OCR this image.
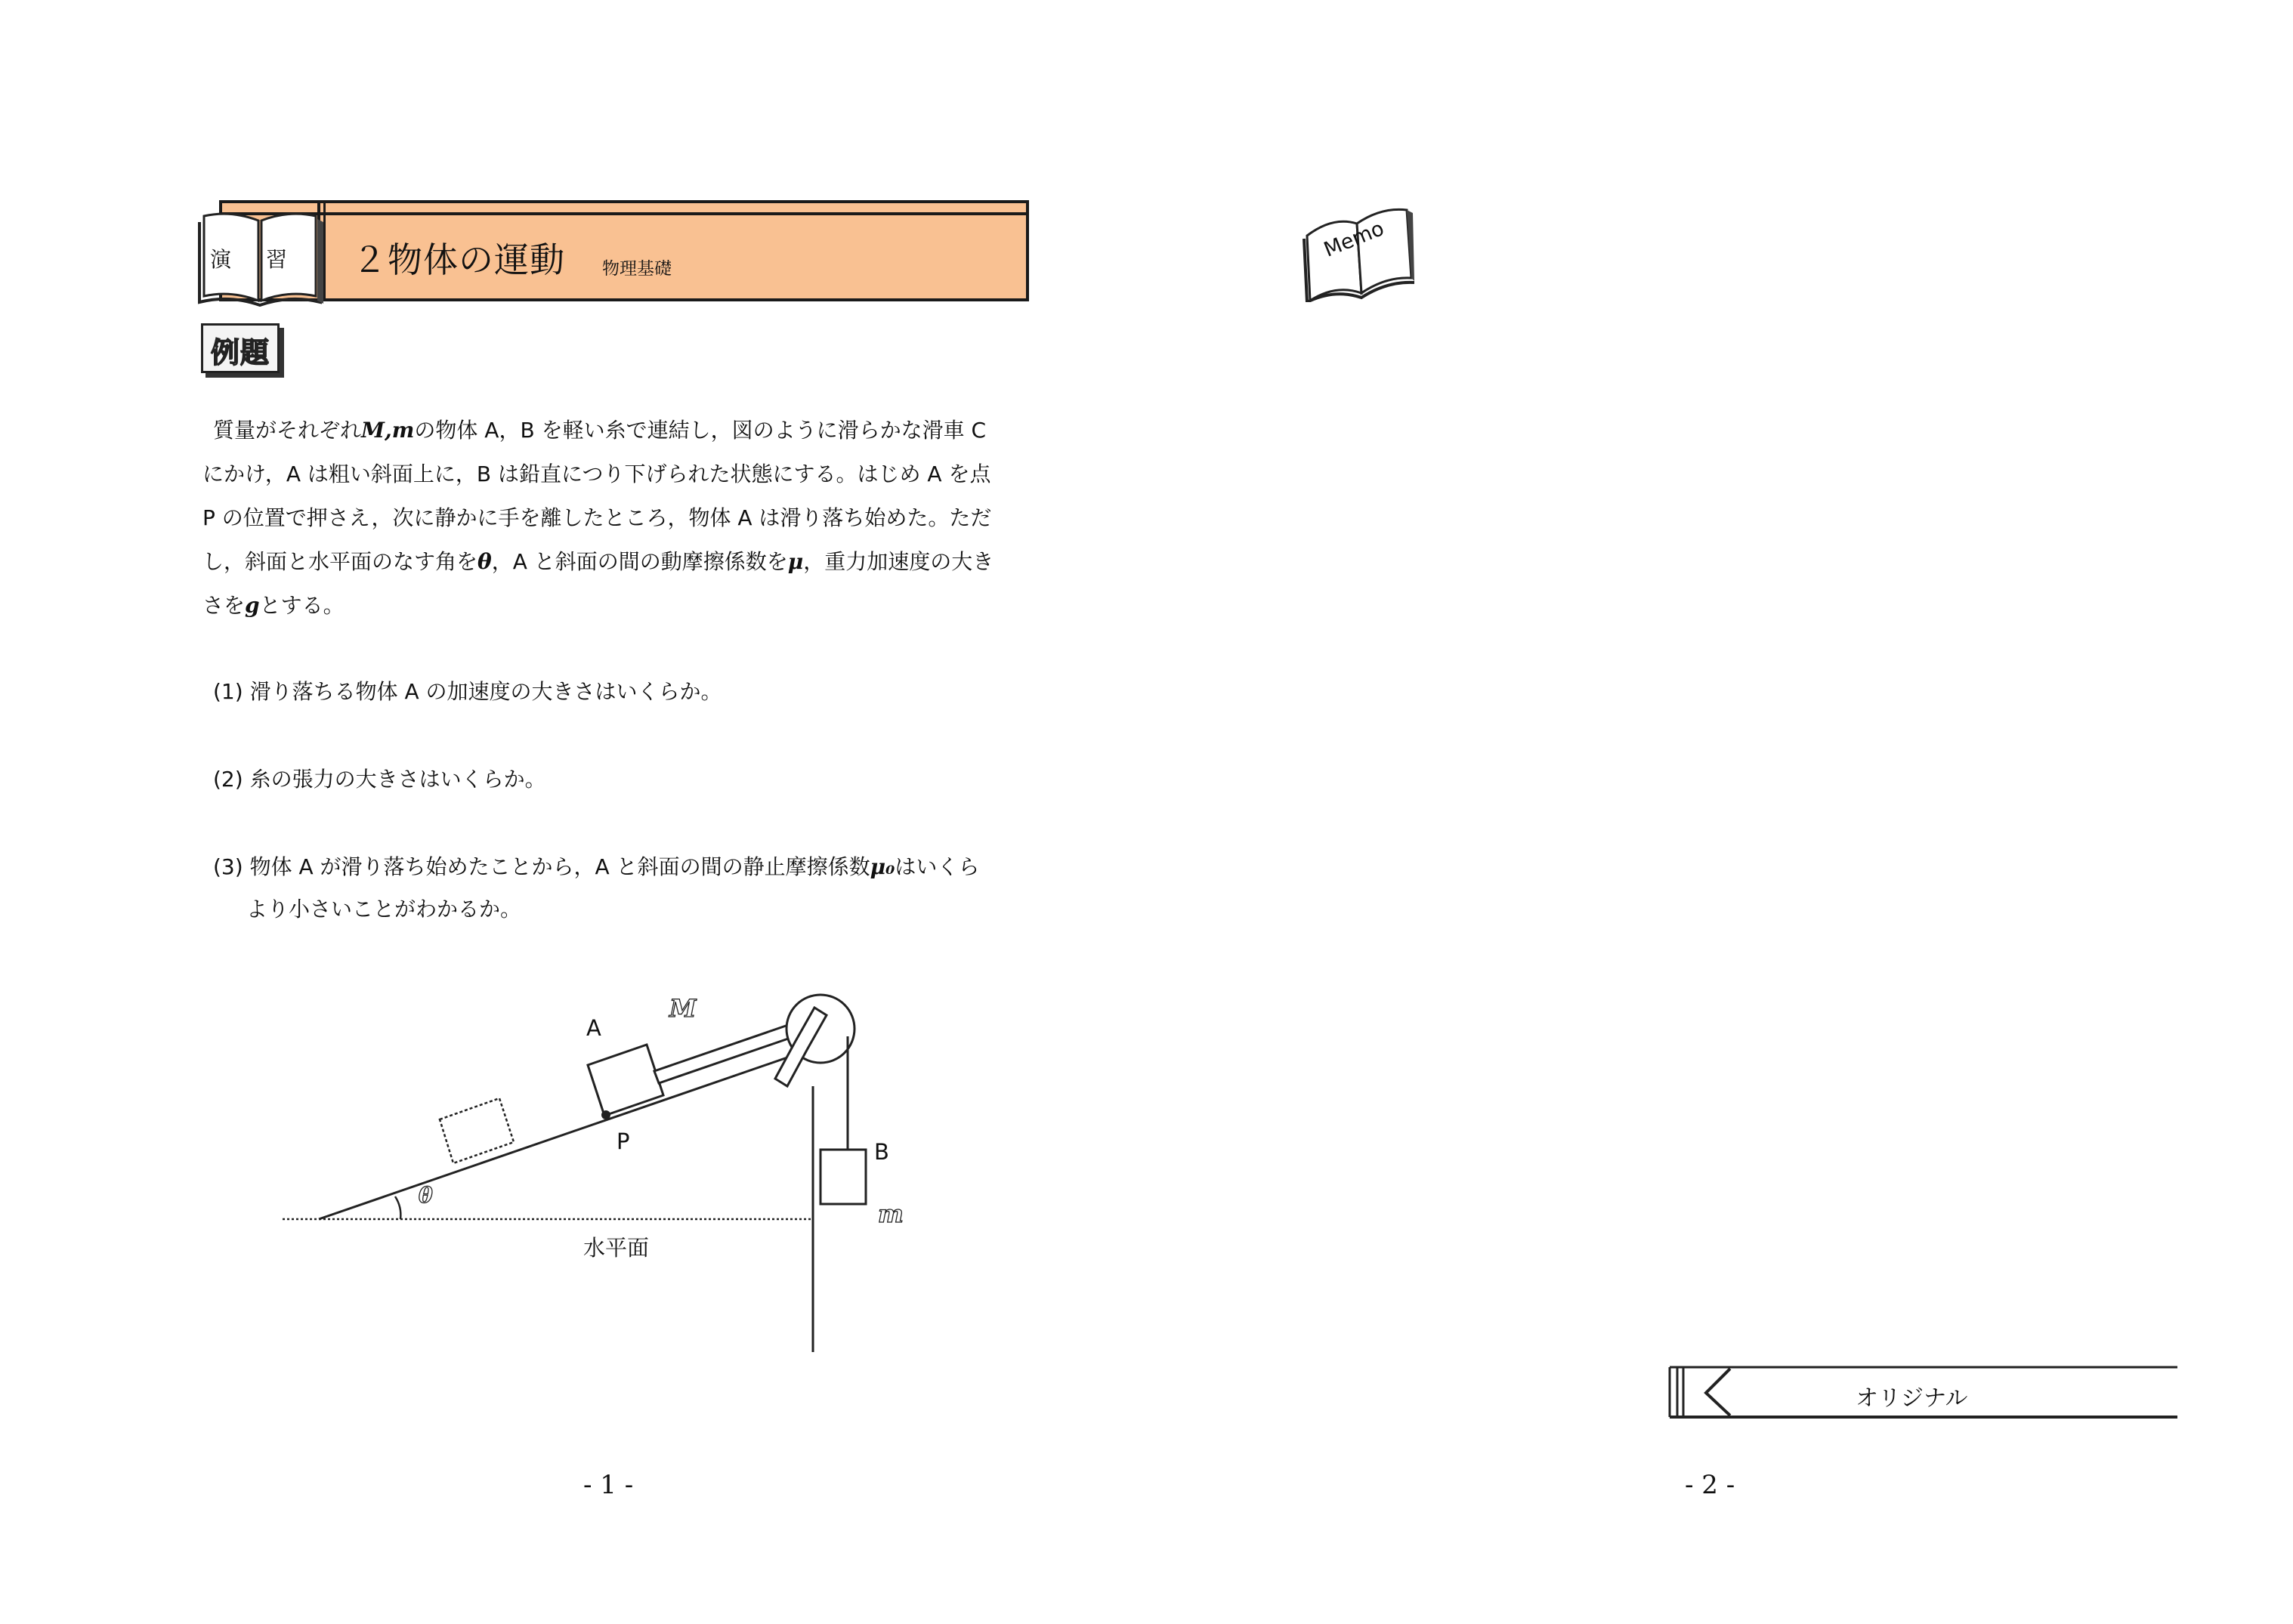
演 習 ２物体の運動 物理基礎
例題
質量がそれぞれM,mの物体 A，B を軽い糸で連結し，図のように滑らかな滑車 C
にかけ，A は粗い斜面上に，B は鉛直につり下げられた状態にする。はじめ A を点
P の位置で押さえ，次に静かに手を離したところ，物体 A は滑り落ち始めた。ただ
し，斜面と水平面のなす角をθ，A と斜面の間の動摩擦係数をμ，重力加速度の大き
さをgとする。
(1) 滑り落ちる物体 A の加速度の大きさはいくらか。
(2) 糸の張力の大きさはいくらか。
(3) 物体 A が滑り落ち始めたことから，A と斜面の間の静止摩擦係数μ₀はいくら
より小さいことがわかるか。
A
M
P	B
m
θ
水平面
- 1 -
Memo
オリジナル
- 2 -
